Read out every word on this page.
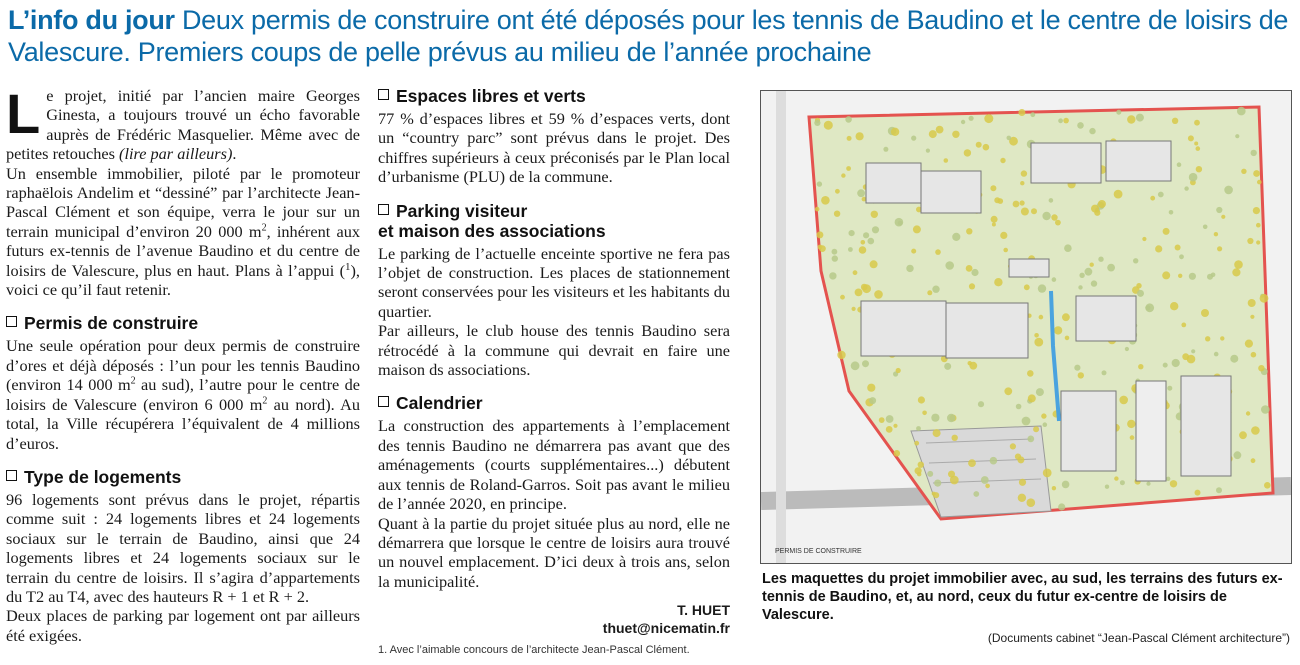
L’info du jour Deux permis de construire ont été déposés pour les tennis de Baudino et le centre de loisirs de Valescure. Premiers coups de pelle prévus au milieu de l’année prochaine

Le projet, initié par l’ancien maire Georges Ginesta, a toujours trouvé un écho favorable auprès de Frédéric Masquelier. Même avec de petites retouches (lire par ailleurs).

Un ensemble immobilier, piloté par le promoteur raphaëlois Andelim et “dessiné” par l’architecte Jean-Pascal Clément et son équipe, verra le jour sur un terrain municipal d’environ 20 000 $m^2$, inhérent aux futurs ex-tennis de l’avenue Baudino et du centre de loisirs de Valescure, plus en haut. Plans à l’appui ($^1$), voici ce qu’il faut retenir.

Permis de construire

Une seule opération pour deux permis de construire d’ores et déjà déposés : l’un pour les tennis Baudino (environ 14 000 $m^2$ au sud), l’autre pour le centre de loisirs de Valescure (environ 6 000 $m^2$ au nord). Au total, la Ville récupérera l’équivalent de 4 millions d’euros.

Type de logements

96 logements sont prévus dans le projet, répartis comme suit : 24 logements libres et 24 logements sociaux sur le terrain de Baudino, ainsi que 24 logements libres et 24 logements sociaux sur le terrain du centre de loisirs. Il s’agira d’appartements du T2 au T4, avec des hauteurs R + 1 et R + 2.

Deux places de parking par logement ont par ailleurs été exigées.

Espaces libres et verts

77 % d’espaces libres et 59 % d’espaces verts, dont un “country parc” sont prévus dans le projet. Des chiffres supérieurs à ceux préconisés par le Plan local d’urbanisme (PLU) de la commune.

Parking visiteur
et maison des associations

Le parking de l’actuelle enceinte sportive ne fera pas l’objet de construction. Les places de stationnement seront conservées pour les visiteurs et les habitants du quartier.

Par ailleurs, le club house des tennis Baudino sera rétrocédé à la commune qui devrait en faire une maison ds associations.

Calendrier

La construction des appartements à l’emplacement des tennis Baudino ne démarrera pas avant que des aménagements (courts supplémentaires...) débutent aux tennis de Roland-Garros. Soit pas avant le milieu de l’année 2020, en principe.

Quant à la partie du projet située plus au nord, elle ne démarrera que lorsque le centre de loisirs aura trouvé un nouvel emplacement. D’ici deux à trois ans, selon la municipalité.

T. HUET
thuet@nicematin.fr

1. Avec l’aimable concours de l’architecte Jean-Pascal Clément.

PERMIS DE CONSTRUIRE
Les maquettes du projet immobilier avec, au sud, les terrains des futurs ex-tennis de Baudino, et, au nord, ceux du futur ex-centre de loisirs de Valescure.
(Documents cabinet “Jean-Pascal Clément architecture”)
